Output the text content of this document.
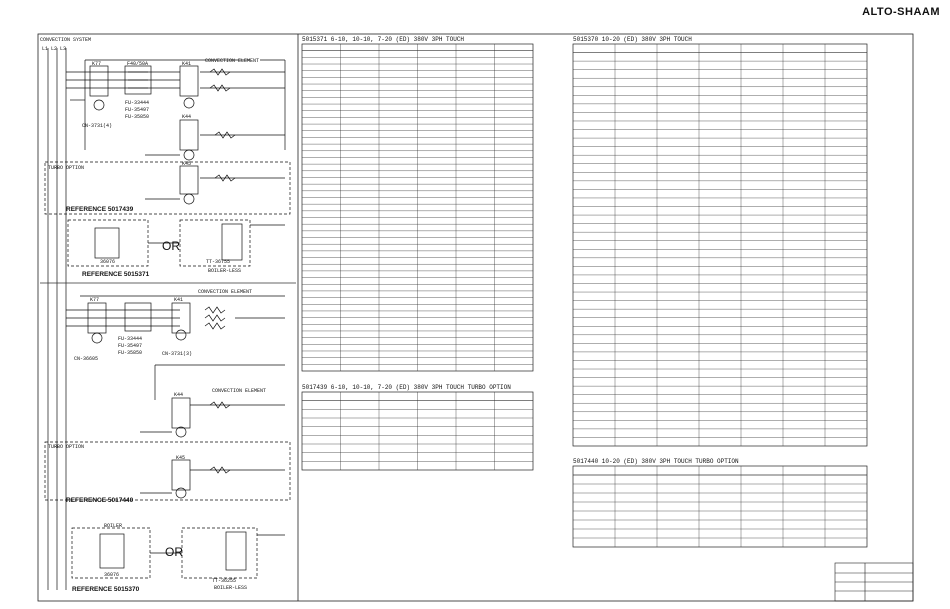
ALTO-SHAAM
CONVECTION SYSTEM
L1 L2 L3
K77	F40/50A	K41	CONVECTION ELEMENT
FU-33444
FU-35497
FU-35850
CN-3731(4)
K44
TURBO OPTION
K45
REFERENCE 5017439
REFERENCE 5015371
OR
BOILER-LESS
36076	TT-36755
K77	K41
CONVECTION ELEMENT
FU-33444
FU-35497
FU-35850
CN-36605
CN-3731(3)
K44
CONVECTION ELEMENT
TURBO OPTION
K45
REFERENCE 5017440
BOILER
OR
BOILER-LESS
36076
TT-36255
REFERENCE 5015370
5015371 6-10, 10-10, 7-20 (ED) 380V 3PH TOUCH
5017439 6-10, 10-10, 7-20 (ED) 380V 3PH TOUCH TURBO OPTION
5015370 10-20 (ED) 380V 3PH TOUCH
5017440 10-20 (ED) 380V 3PH TOUCH TURBO OPTION
